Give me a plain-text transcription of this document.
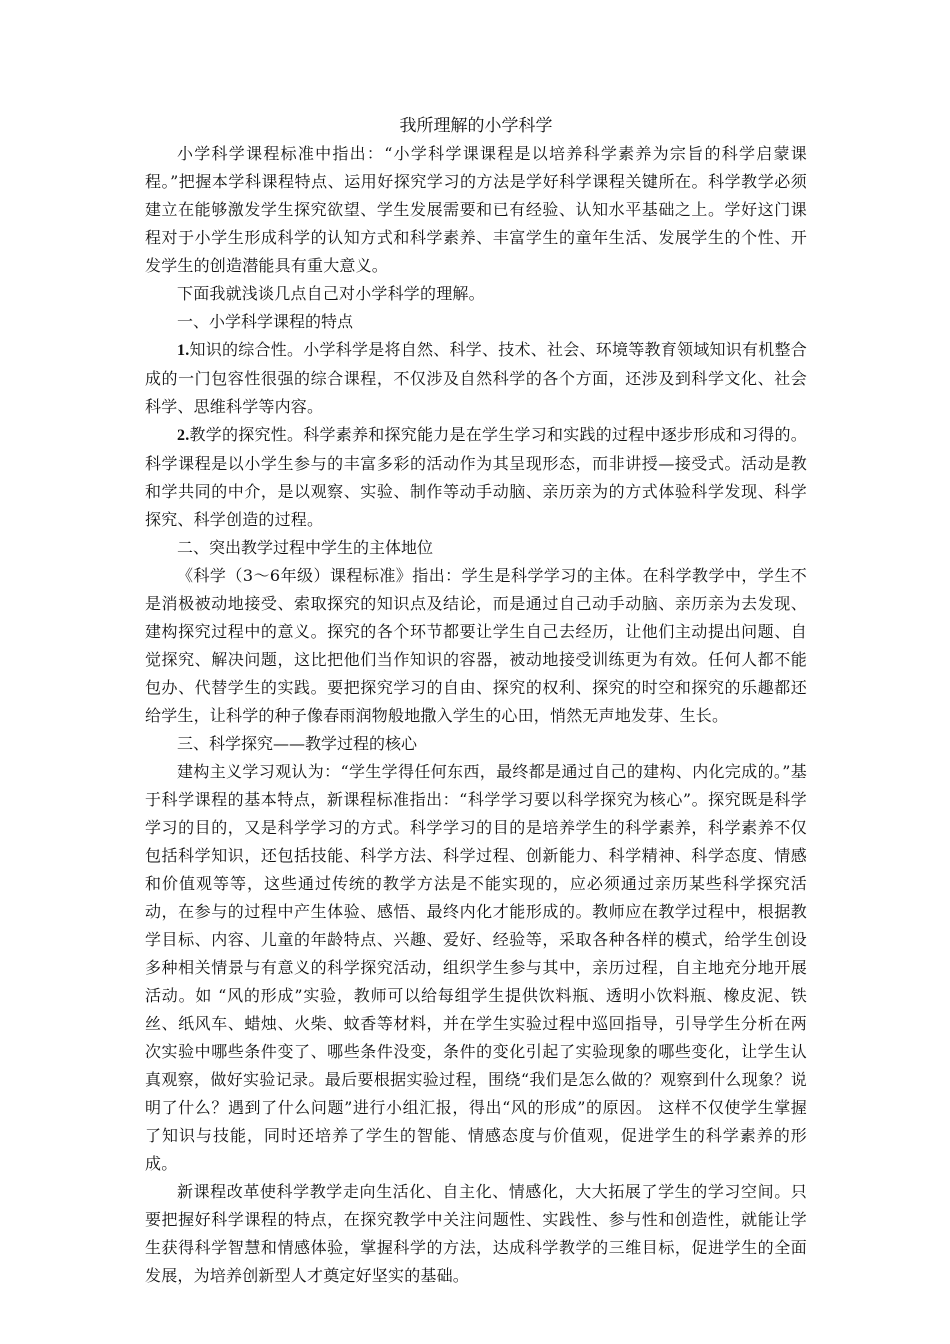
我所理解的小学科学

小学科学课程标准中指出：“小学科学课课程是以培养科学素养为宗旨的科学启蒙课程。”把握本学科课程特点、运用好探究学习的方法是学好科学课程关键所在。科学教学必须建立在能够激发学生探究欲望、学生发展需要和已有经验、认知水平基础之上。学好这门课程对于小学生形成科学的认知方式和科学素养、丰富学生的童年生活、发展学生的个性、开发学生的创造潜能具有重大意义。

下面我就浅谈几点自己对小学科学的理解。

一、小学科学课程的特点

1.知识的综合性。小学科学是将自然、科学、技术、社会、环境等教育领域知识有机整合成的一门包容性很强的综合课程，不仅涉及自然科学的各个方面，还涉及到科学文化、社会科学、思维科学等内容。

2.教学的探究性。科学素养和探究能力是在学生学习和实践的过程中逐步形成和习得的。科学课程是以小学生参与的丰富多彩的活动作为其呈现形态，而非讲授—接受式。活动是教和学共同的中介，是以观察、实验、制作等动手动脑、亲历亲为的方式体验科学发现、科学探究、科学创造的过程。

二、突出教学过程中学生的主体地位

《科学（3～6年级）课程标准》指出：学生是科学学习的主体。在科学教学中，学生不是消极被动地接受、索取探究的知识点及结论，而是通过自己动手动脑、亲历亲为去发现、建构探究过程中的意义。探究的各个环节都要让学生自己去经历，让他们主动提出问题、自觉探究、解决问题，这比把他们当作知识的容器，被动地接受训练更为有效。任何人都不能包办、代替学生的实践。要把探究学习的自由、探究的权利、探究的时空和探究的乐趣都还给学生，让科学的种子像春雨润物般地撒入学生的心田，悄然无声地发芽、生长。

三、科学探究——教学过程的核心

建构主义学习观认为：“学生学得任何东西，最终都是通过自己的建构、内化完成的。”基于科学课程的基本特点，新课程标准指出：“科学学习要以科学探究为核心”。探究既是科学学习的目的，又是科学学习的方式。科学学习的目的是培养学生的科学素养，科学素养不仅包括科学知识，还包括技能、科学方法、科学过程、创新能力、科学精神、科学态度、情感和价值观等等，这些通过传统的教学方法是不能实现的，应必须通过亲历某些科学探究活动，在参与的过程中产生体验、感悟、最终内化才能形成的。教师应在教学过程中，根据教学目标、内容、儿童的年龄特点、兴趣、爱好、经验等，采取各种各样的模式，给学生创设多种相关情景与有意义的科学探究活动，组织学生参与其中，亲历过程，自主地充分地开展活动。如 “风的形成”实验，教师可以给每组学生提供饮料瓶、透明小饮料瓶、橡皮泥、铁丝、纸风车、蜡烛、火柴、蚊香等材料，并在学生实验过程中巡回指导，引导学生分析在两次实验中哪些条件变了、哪些条件没变，条件的变化引起了实验现象的哪些变化，让学生认真观察，做好实验记录。最后要根据实验过程，围绕“我们是怎么做的？观察到什么现象？说明了什么？遇到了什么问题”进行小组汇报，得出“风的形成”的原因。 这样不仅使学生掌握了知识与技能，同时还培养了学生的智能、情感态度与价值观，促进学生的科学素养的形成。

新课程改革使科学教学走向生活化、自主化、情感化，大大拓展了学生的学习空间。只要把握好科学课程的特点，在探究教学中关注问题性、实践性、参与性和创造性，就能让学生获得科学智慧和情感体验，掌握科学的方法，达成科学教学的三维目标，促进学生的全面发展，为培养创新型人才奠定好坚实的基础。
